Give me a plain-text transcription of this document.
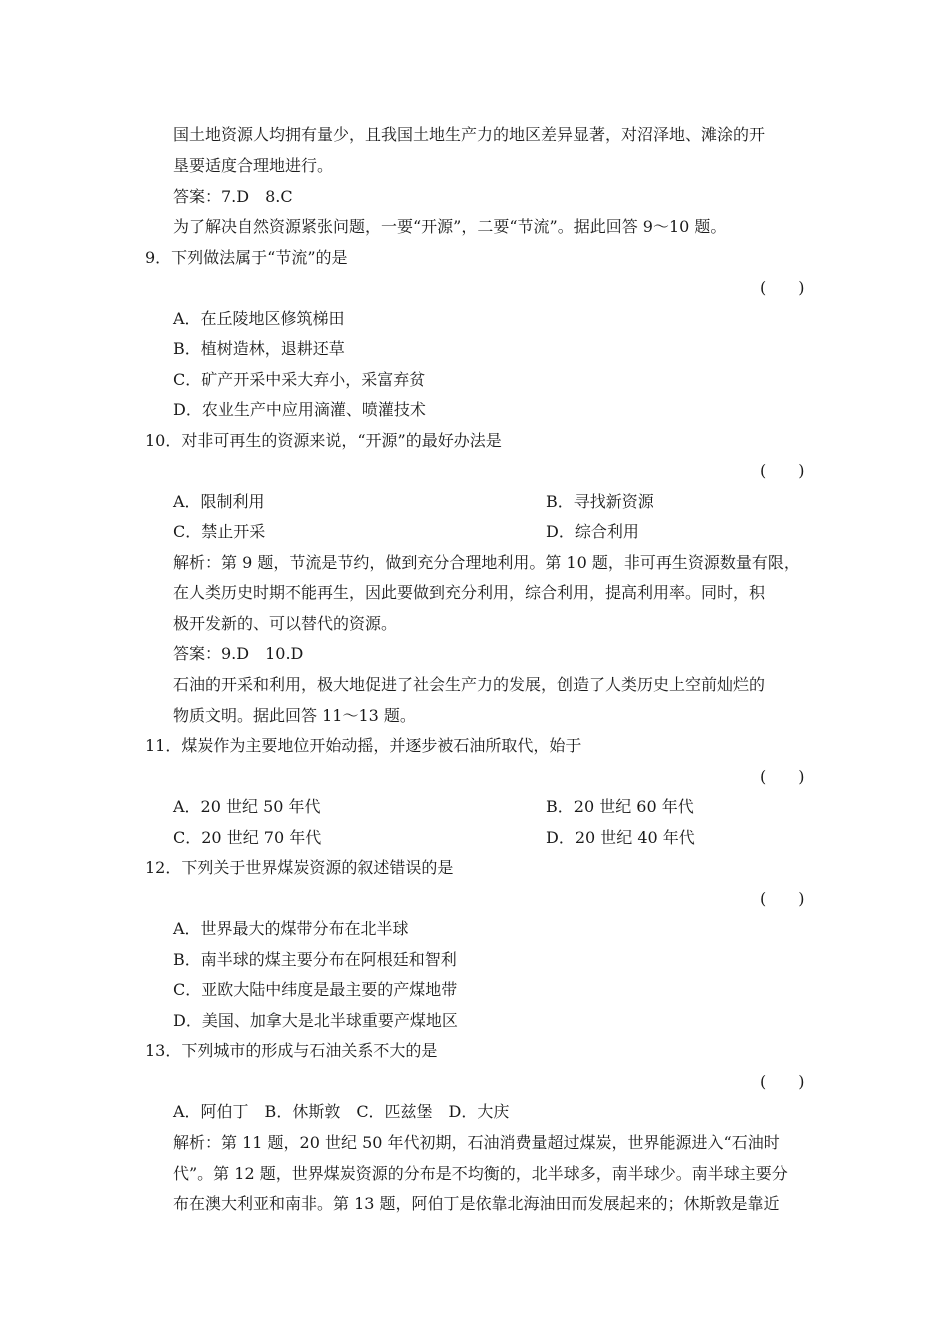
国土地资源人均拥有量少，且我国土地生产力的地区差异显著，对沼泽地、滩涂的开
垦要适度合理地进行。
答案：7.D　8.C
为了解决自然资源紧张问题，一要“开源”，二要“节流”。据此回答 9～10 题。
9．下列做法属于“节流”的是
(　　)
A．在丘陵地区修筑梯田
B．植树造林，退耕还草
C．矿产开采中采大弃小，采富弃贫
D．农业生产中应用滴灌、喷灌技术
10．对非可再生的资源来说，“开源”的最好办法是
(　　)
A．限制利用	B．寻找新资源
C．禁止开采	D．综合利用
解析：第 9 题，节流是节约，做到充分合理地利用。第 10 题，非可再生资源数量有限，
在人类历史时期不能再生，因此要做到充分利用，综合利用，提高利用率。同时，积
极开发新的、可以替代的资源。
答案：9.D　10.D
石油的开采和利用，极大地促进了社会生产力的发展，创造了人类历史上空前灿烂的
物质文明。据此回答 11～13 题。
11．煤炭作为主要地位开始动摇，并逐步被石油所取代，始于
(　　)
A．20 世纪 50 年代	B．20 世纪 60 年代
C．20 世纪 70 年代	D．20 世纪 40 年代
12．下列关于世界煤炭资源的叙述错误的是
(　　)
A．世界最大的煤带分布在北半球
B．南半球的煤主要分布在阿根廷和智利
C．亚欧大陆中纬度是最主要的产煤地带
D．美国、加拿大是北半球重要产煤地区
13．下列城市的形成与石油关系不大的是
(　　)
A．阿伯丁　B．休斯敦　C．匹兹堡　D．大庆
解析：第 11 题，20 世纪 50 年代初期，石油消费量超过煤炭，世界能源进入“石油时
代”。第 12 题，世界煤炭资源的分布是不均衡的，北半球多，南半球少。南半球主要分
布在澳大利亚和南非。第 13 题，阿伯丁是依靠北海油田而发展起来的；休斯敦是靠近
